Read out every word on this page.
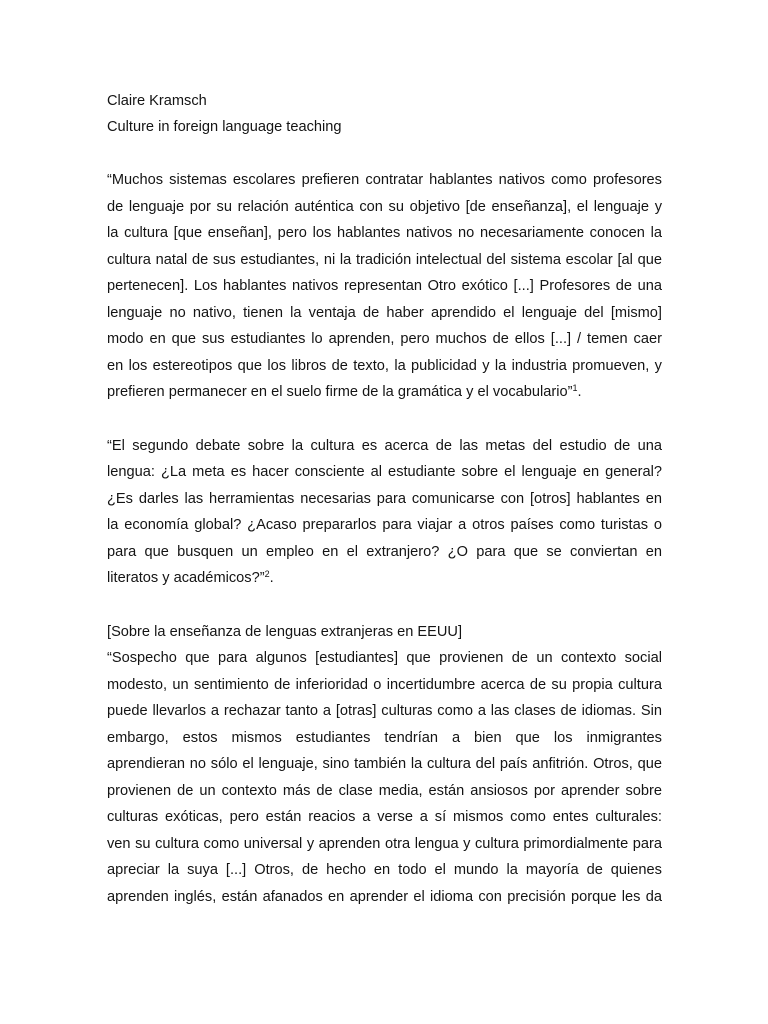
Claire Kramsch
Culture in foreign language teaching
“Muchos sistemas escolares prefieren contratar hablantes nativos como profesores
de lenguaje por su relación auténtica con su objetivo [de enseñanza], el lenguaje y
la cultura [que enseñan], pero los hablantes nativos no necesariamente conocen la
cultura natal de sus estudiantes, ni la tradición intelectual del sistema escolar [al que
pertenecen]. Los hablantes nativos representan Otro exótico [...] Profesores de una
lenguaje no nativo, tienen la ventaja de haber aprendido el lenguaje del [mismo]
modo en que sus estudiantes lo aprenden, pero muchos de ellos [...] / temen caer
en los estereotipos que los libros de texto, la publicidad y la industria promueven, y
prefieren permanecer en el suelo firme de la gramática y el vocabulario”$^1$.
“El segundo debate sobre la cultura es acerca de las metas del estudio de una
lengua: ¿La meta es hacer consciente al estudiante sobre el lenguaje en general?
¿Es darles las herramientas necesarias para comunicarse con [otros] hablantes en
la economía global? ¿Acaso prepararlos para viajar a otros países como turistas o
para que busquen un empleo en el extranjero? ¿O para que se conviertan en
literatos y académicos?”$^2$.
[Sobre la enseñanza de lenguas extranjeras en EEUU]
“Sospecho que para algunos [estudiantes] que provienen de un contexto social
modesto, un sentimiento de inferioridad o incertidumbre acerca de su propia cultura
puede llevarlos a rechazar tanto a [otras] culturas como a las clases de idiomas. Sin
embargo, estos mismos estudiantes tendrían a bien que los inmigrantes
aprendieran no sólo el lenguaje, sino también la cultura del país anfitrión. Otros, que
provienen de un contexto más de clase media, están ansiosos por aprender sobre
culturas exóticas, pero están reacios a verse a sí mismos como entes culturales:
ven su cultura como universal y aprenden otra lengua y cultura primordialmente para
apreciar la suya [...] Otros, de hecho en todo el mundo la mayoría de quienes
aprenden inglés, están afanados en aprender el idioma con precisión porque les da
